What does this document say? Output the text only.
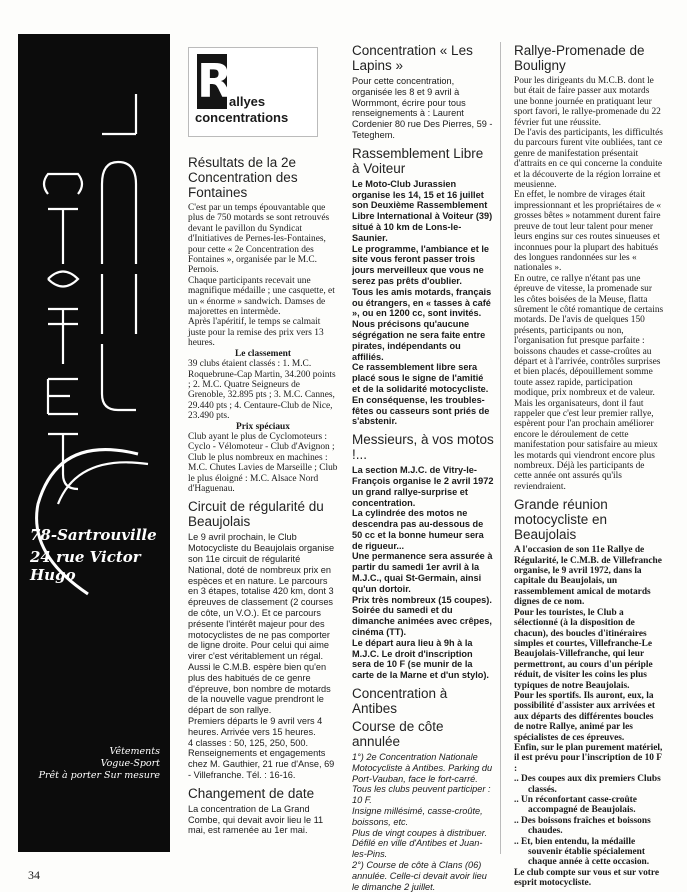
78-Sartrouville
24 rue Victor Hugo
Vêtements
Vogue-Sport
Prêt à porter Sur mesure
R
allyes
concentrations
Résultats de la 2e Concentration des Fontaines

C'est par un temps épouvantable que plus de 750 motards se sont retrouvés devant le pavillon du Syndicat d'Initiatives de Pernes-les-Fontaines, pour cette « 2e Concentration des Fontaines », organisée par le M.C. Pernois.

Chaque participants recevait une magnifique médaille ; une casquette, et un « énorme » sandwich. Damses de majorettes en intermède.

Après l'apéritif, le temps se calmait juste pour la remise des prix vers 13 heures.

Le classement

39 clubs étaient classés : 1. M.C. Roquebrune-Cap Martin, 34.200 points ; 2. M.C. Quatre Seigneurs de Grenoble, 32.895 pts ; 3. M.C. Cannes, 29.440 pts ; 4. Centaure-Club de Nice, 23.490 pts.

Prix spéciaux

Club ayant le plus de Cyclomoteurs : Cyclo - Vélomoteur - Club d'Avignon ; Club le plus nombreux en machines : M.C. Chutes Lavies de Marseille ; Club le plus éloigné : M.C. Alsace Nord d'Haguenau.

Circuit de régularité du Beaujolais

Le 9 avril prochain, le Club Motocycliste du Beaujolais organise son 11e circuit de régularité National, doté de nombreux prix en espèces et en nature. Le parcours en 3 étapes, totalise 420 km, dont 3 épreuves de classement (2 courses de côte, un V.O.). Et ce parcours présente l'intérêt majeur pour des motocyclistes de ne pas comporter de ligne droite. Pour celui qui aime virer c'est véritablement un régal. Aussi le C.M.B. espère bien qu'en plus des habitués de ce genre d'épreuve, bon nombre de motards de la nouvelle vague prendront le départ de son rallye.

Premiers départs le 9 avril vers 4 heures. Arrivée vers 15 heures.

4 classes : 50, 125, 250, 500.

Renseignements et engagements chez M. Gauthier, 21 rue d'Anse, 69 - Villefranche. Tél. : 16-16.

Changement de date

La concentration de La Grand Combe, qui devait avoir lieu le 11 mai, est ramenée au 1er mai.

Concentration « Les Lapins »

Pour cette concentration, organisée les 8 et 9 avril à Wormmont, écrire pour tous renseignements à : Laurent Cordenier 80 rue Des Pierres, 59 - Teteghem.

Rassemblement Libre à Voiteur

Le Moto-Club Jurassien organise les 14, 15 et 16 juillet son Deuxième Rassemblement Libre International à Voiteur (39) situé à 10 km de Lons-le-Saunier.

Le programme, l'ambiance et le site vous feront passer trois jours merveilleux que vous ne serez pas prêts d'oublier.

Tous les amis motards, français ou étrangers, en « tasses à café », ou en 1200 cc, sont invités. Nous précisons qu'aucune ségrégation ne sera faite entre pirates, indépendants ou affiliés.

Ce rassemblement libre sera placé sous le signe de l'amitié et de la solidarité motocycliste. En conséquense, les troubles-fêtes ou casseurs sont priés de s'abstenir.

Messieurs, à vos motos !...

La section M.J.C. de Vitry-le-François organise le 2 avril 1972 un grand rallye-surprise et concentration.

La cylindrée des motos ne descendra pas au-dessous de 50 cc et la bonne humeur sera de rigueur...

Une permanence sera assurée à partir du samedi 1er avril à la M.J.C., quai St-Germain, ainsi qu'un dortoir.

Prix très nombreux (15 coupes). Soirée du samedi et du dimanche animées avec crêpes, cinéma (TT).

Le départ aura lieu à 9h à la M.J.C. Le droit d'inscription sera de 10 F (se munir de la carte de la Marne et d'un stylo).

Concentration à Antibes
Course de côte annulée

1°) 2e Concentration Nationale Motocycliste à Antibes. Parking du Port-Vauban, face le fort-carré.

Tous les clubs peuvent participer : 10 F.

Insigne millésimé, casse-croûte, boissons, etc.

Plus de vingt coupes à distribuer.

Défilé en ville d'Antibes et Juan-les-Pins.

2°) Course de côte à Clans (06) annulée. Celle-ci devait avoir lieu le dimanche 2 juillet.

Rallye-Promenade de Bouligny

Pour les dirigeants du M.C.B. dont le but était de faire passer aux motards une bonne journée en pratiquant leur sport favori, le rallye-promenade du 22 février fut une réussite.

De l'avis des participants, les difficultés du parcours furent vite oubliées, tant ce genre de manifestation présentait d'attraits en ce qui concerne la conduite et la découverte de la région lorraine et meusienne.

En effet, le nombre de virages était impressionnant et les propriétaires de « grosses bêtes » notamment durent faire preuve de tout leur talent pour mener leurs engins sur ces routes sinueuses et inconnues pour la plupart des habitués des longues randonnées sur les « nationales ».

En outre, ce rallye n'étant pas une épreuve de vitesse, la promenade sur les côtes boisées de la Meuse, flatta sûrement le côté romantique de certains motards. De l'avis de quelques 150 présents, participants ou non, l'organisation fut presque parfaite : boissons chaudes et casse-croûtes au départ et à l'arrivée, contrôles surprises et bien placés, dépouillement somme toute assez rapide, participation modique, prix nombreux et de valeur.

Mais les organisateurs, dont il faut rappeler que c'est leur premier rallye, espèrent pour l'an prochain améliorer encore le déroulement de cette manifestation pour satisfaire au mieux les motards qui viendront encore plus nombreux. Déjà les participants de cette année ont assurés qu'ils reviendraient.

Grande réunion motocycliste en Beaujolais

A l'occasion de son 11e Rallye de Régularité, le C.M.B. de Villefranche organise, le 9 avril 1972, dans la capitale du Beaujolais, un rassemblement amical de motards dignes de ce nom.

Pour les touristes, le Club a sélectionné (à la disposition de chacun), des boucles d'itinéraires simples et courtes, Villefranche-Le Beaujolais-Villefranche, qui leur permettront, au cours d'un périple réduit, de visiter les coins les plus typiques de notre Beaujolais.

Pour les sportifs. Ils auront, eux, la possibilité d'assister aux arrivées et aux départs des différentes boucles de notre Rallye, animé par les spécialistes de ces épreuves.

Enfin, sur le plan purement matériel, il est prévu pour l'inscription de 10 F :

.. Des coupes aux dix premiers Clubs classés.

.. Un réconfortant casse-croûte accompagné de Beaujolais.

.. Des boissons fraîches et boissons chaudes.

.. Et, bien entendu, la médaille souvenir établie spécialement chaque année à cette occasion.

Le club compte sur vous et sur votre esprit motocycliste.

34
